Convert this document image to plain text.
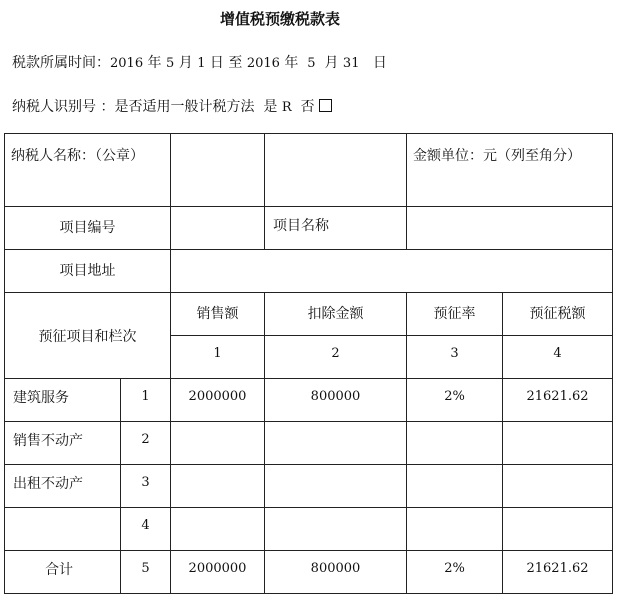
增值税预缴税款表
税款所属时间：2016 年 5 月 1 日 至 2016 年 5 月 31 日
纳税人识别号 ：是否适用一般计税方法 是 R 否
纳税人名称：（公章）				金额单位：元（列至角分）	
项目编号			项目名称		
项目地址					
预征项目和栏次		销售额	扣除金额	预征率	预征税额
		1	2	3	4
建筑服务	1	2000000	800000	2%	21621.62
销售不动产	2				
出租不动产	3				
	4				
合计	5	2000000	800000	2%	21621.62
